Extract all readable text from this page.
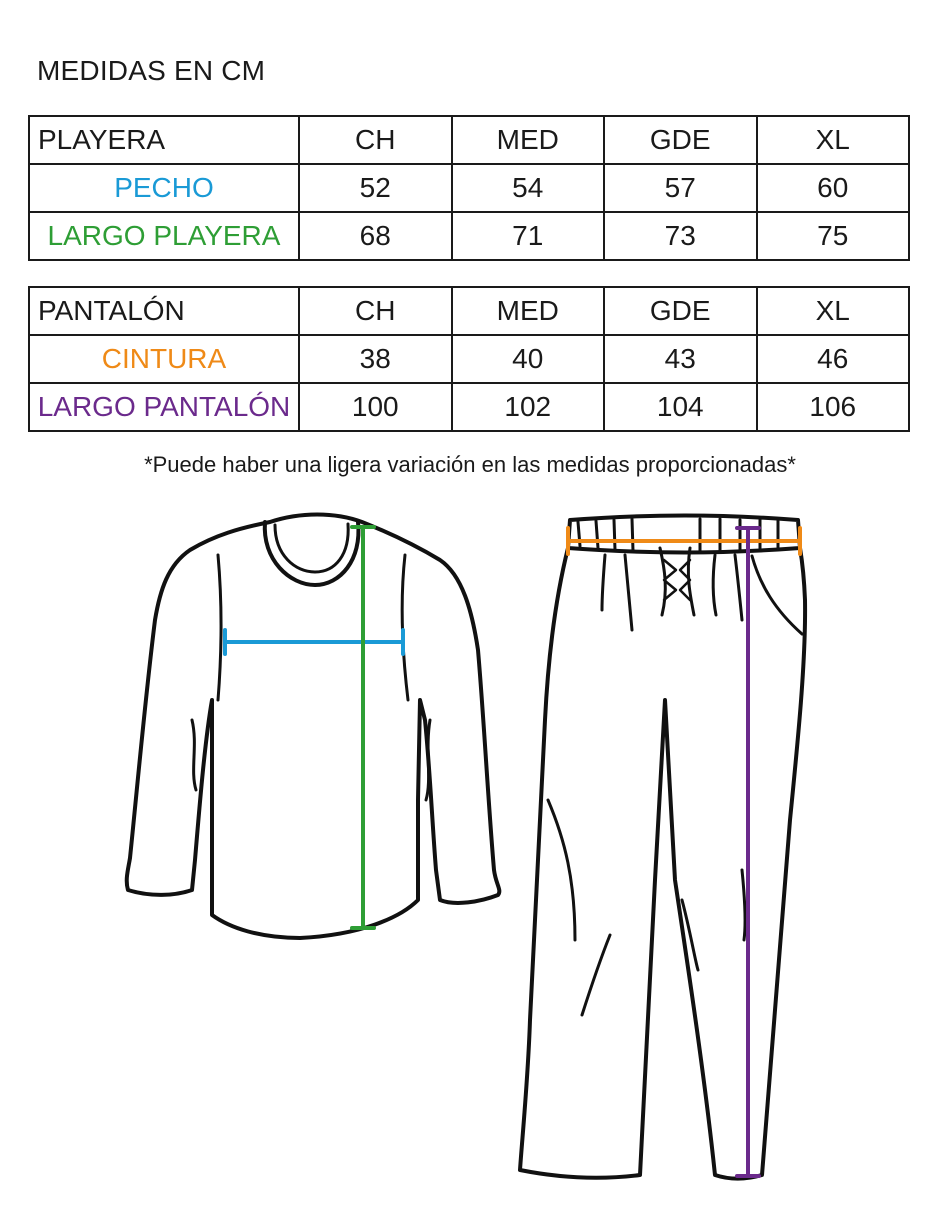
MEDIDAS EN CM
PLAYERA	CH	MED	GDE	XL
PECHO	52	54	57	60
LARGO PLAYERA	68	71	73	75
PANTALÓN	CH	MED	GDE	XL
CINTURA	38	40	43	46
LARGO PANTALÓN	100	102	104	106
*Puede haber una ligera variación en las medidas proporcionadas*
